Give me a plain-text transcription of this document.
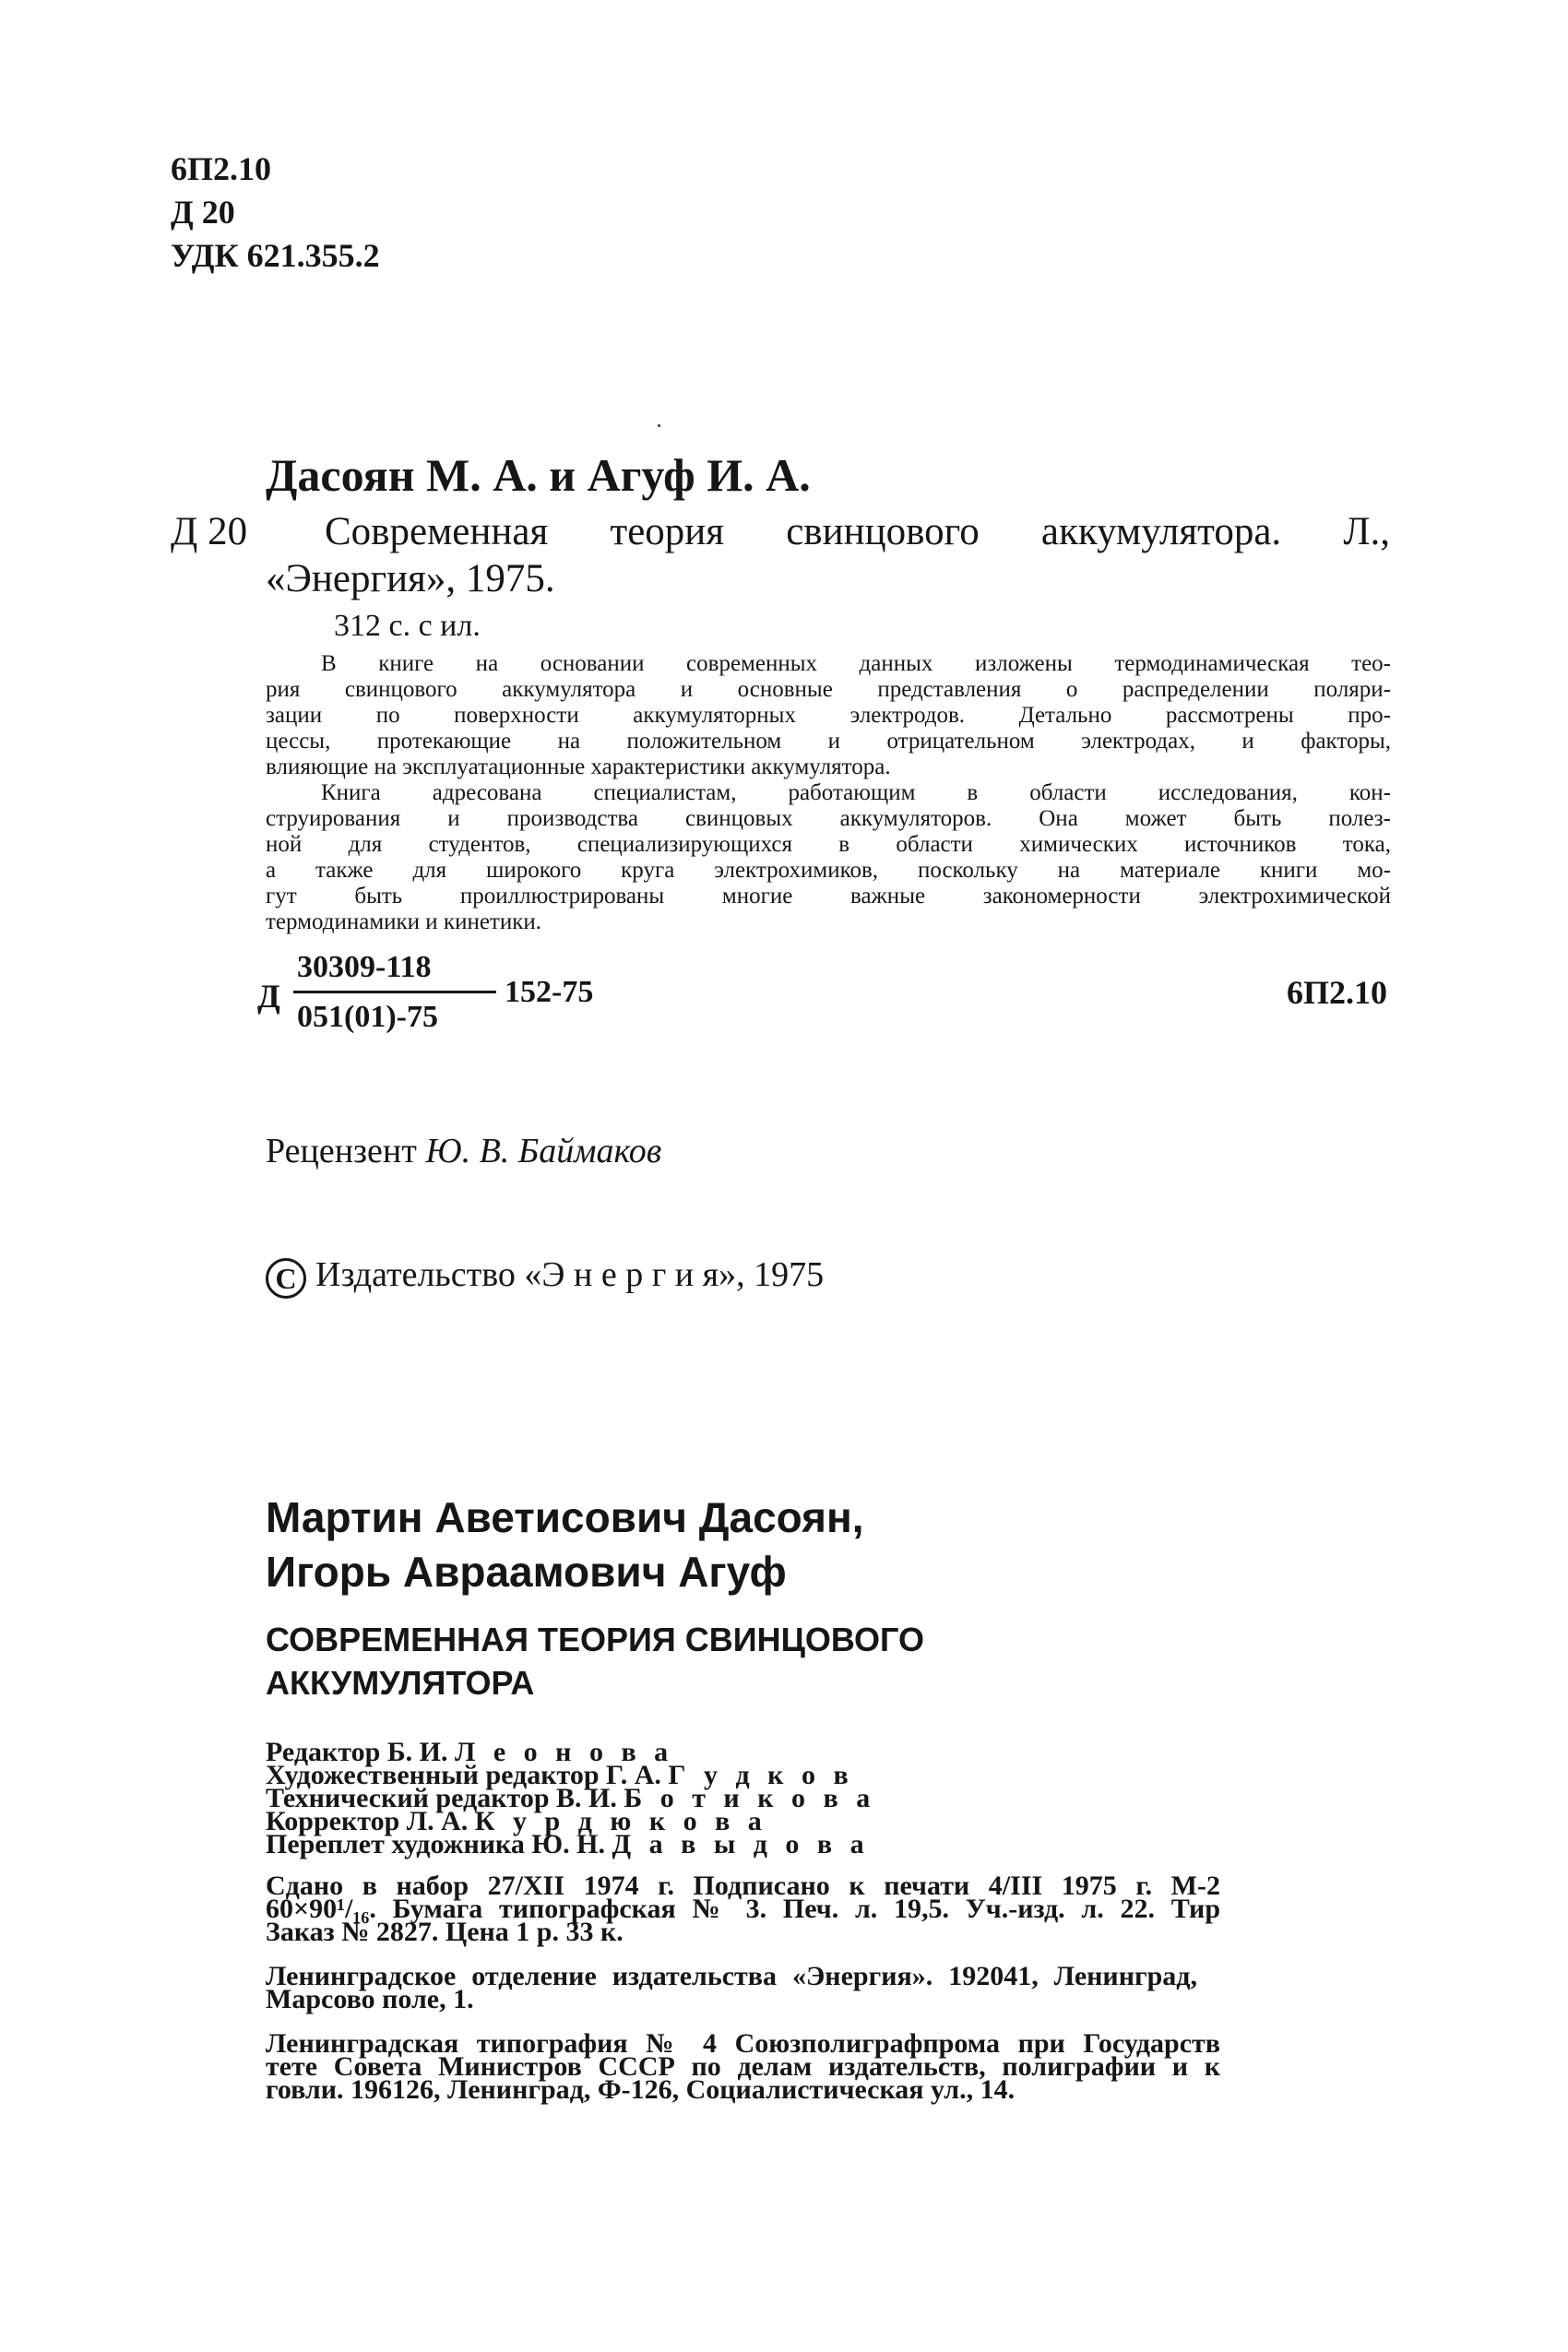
6П2.10
Д 20
УДК 621.355.2
Дасоян М. А. и Агуф И. А.
Д 20 Современная теория свинцового аккумулятора. Л.,
«Энергия», 1975.
312 с. с ил.
В книге на основании современных данных изложены термодинамическая тео-
рия свинцового аккумулятора и основные представления о распределении поляри-
зации по поверхности аккумуляторных электродов. Детально рассмотрены про-
цессы, протекающие на положительном и отрицательном электродах, и факторы,
влияющие на эксплуатационные характеристики аккумулятора.
Книга адресована специалистам, работающим в области исследования, кон-
струирования и производства свинцовых аккумуляторов. Она может быть полез-
ной для студентов, специализирующихся в области химических источников тока,
а также для широкого круга электрохимиков, поскольку на материале книги мо-
гут быть проиллюстрированы многие важные закономерности электрохимической
термодинамики и кинетики.
Д
30309-118
051(01)-75
152-75	6П2.10
Рецензент Ю. В. Баймаков
C Издательство «Э н е р г и я», 1975
Мартин Аветисович Дасоян,
Игорь Авраамович Агуф
СОВРЕМЕННАЯ ТЕОРИЯ СВИНЦОВОГО
АККУМУЛЯТОРА
Редактор Б. И. Л е о н о в а
Художественный редактор Г. А. Г у д к о в
Технический редактор В. И. Б о т и к о в а
Корректор Л. А. К у р д ю к о в а
Переплет художника Ю. Н. Д а в ы д о в а
Сдано в набор 27/XII 1974 г. Подписано к печати 4/III 1975 г. М-2
60×90¹/₁₆. Бумага типографская № 3. Печ. л. 19,5. Уч.-изд. л. 22. Тир
Заказ № 2827. Цена 1 р. 33 к.
Ленинградское отделение издательства «Энергия». 192041, Ленинград,
Марсово поле, 1.
Ленинградская типография № 4 Союзполиграфпрома при Государств
тете Совета Министров СССР по делам издательств, полиграфии и к
говли. 196126, Ленинград, Ф-126, Социалистическая ул., 14.
